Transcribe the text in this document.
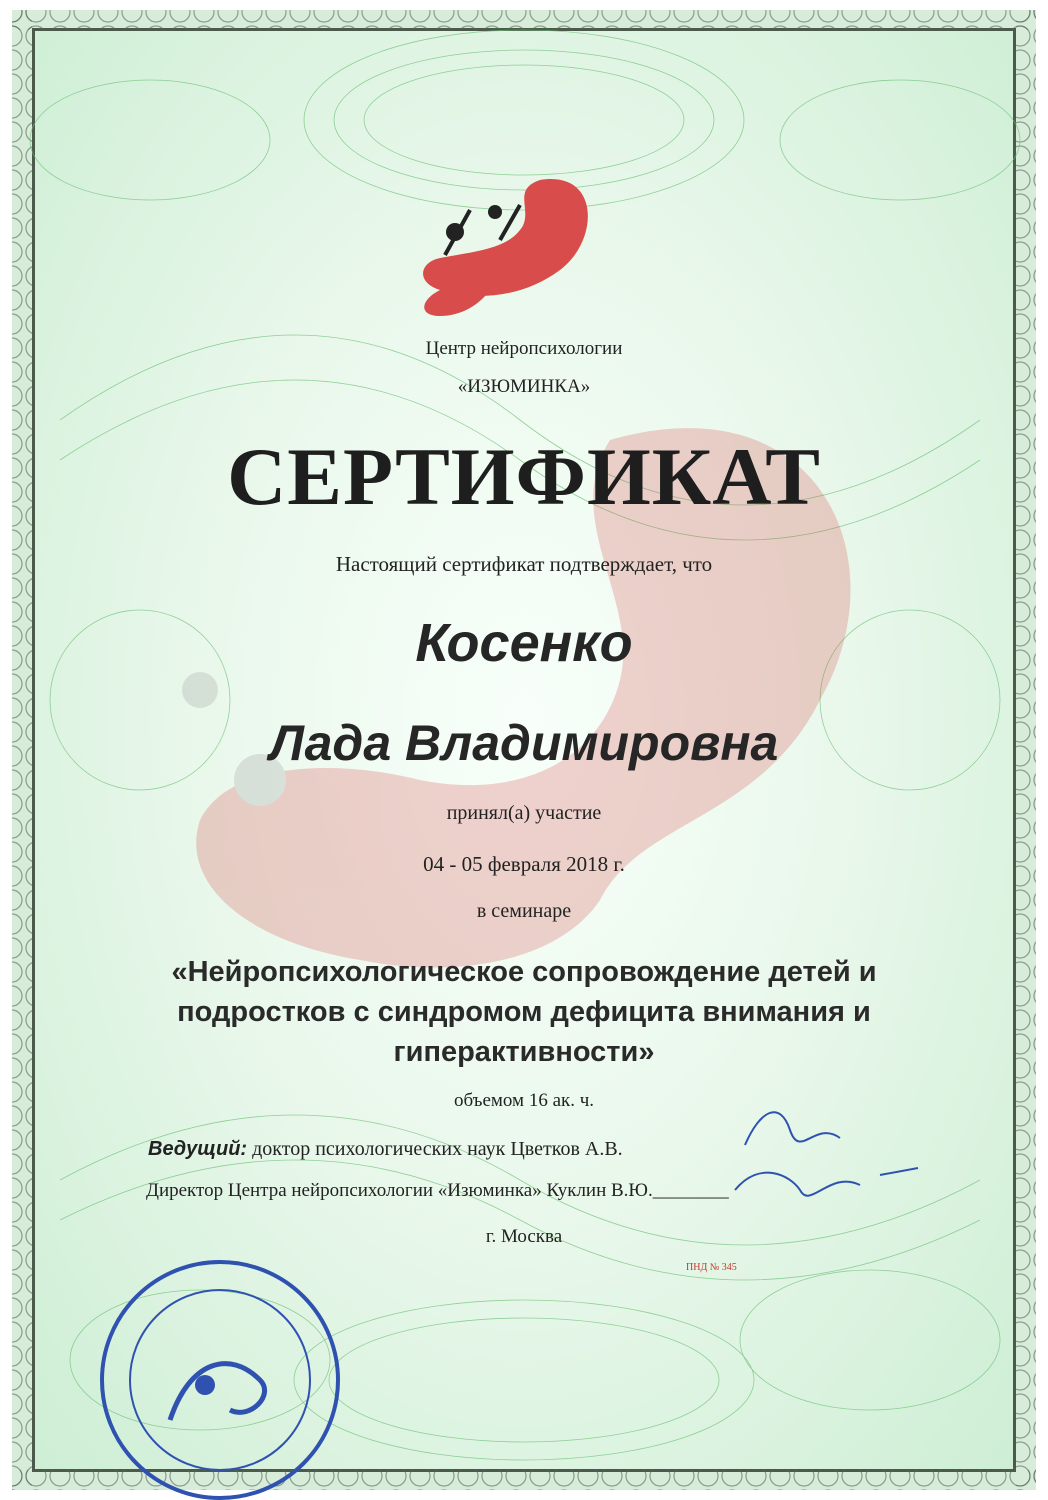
Центр нейропсихологии
«ИЗЮМИНКА»
СЕРТИФИКАТ
Настоящий сертификат подтверждает, что
Косенко
Лада Владимировна
принял(а) участие
04 - 05 февраля 2018 г.
в семинаре
«Нейропсихологическое сопровождение детей и
подростков с синдромом дефицита внимания и
гиперактивности»
объемом 16 ак. ч.
Ведущий: доктор психологических наук Цветков А.В.
Директор Центра нейропсихологии «Изюминка» Куклин В.Ю.________
г. Москва
ПНД № 345
